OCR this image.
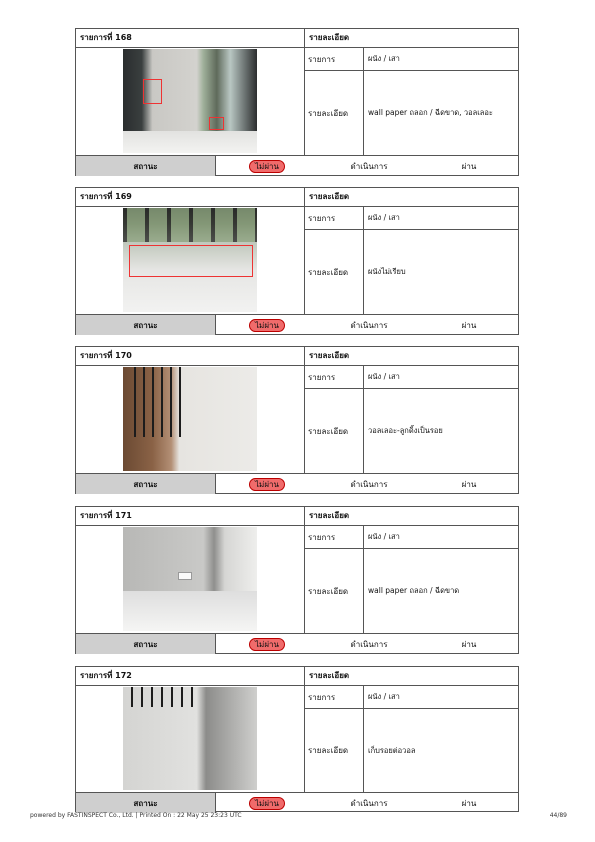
รายการที่ 168	รายละเอียด
รายการ	ผนัง / เสา
รายละเอียด	wall paper ถลอก / ฉีดขาด, วอลเลอะ
สถานะ	ไม่ผ่าน	ดำเนินการ	ผ่าน
รายการที่ 169	รายละเอียด
รายการ	ผนัง / เสา
รายละเอียด	ผนังไม่เรียบ
สถานะ	ไม่ผ่าน	ดำเนินการ	ผ่าน
รายการที่ 170	รายละเอียด
รายการ	ผนัง / เสา
รายละเอียด	วอลเลอะ-ลูกดิ้งเป็นรอย
สถานะ	ไม่ผ่าน	ดำเนินการ	ผ่าน
รายการที่ 171	รายละเอียด
รายการ	ผนัง / เสา
รายละเอียด	wall paper ถลอก / ฉีดขาด
สถานะ	ไม่ผ่าน	ดำเนินการ	ผ่าน
รายการที่ 172	รายละเอียด
รายการ	ผนัง / เสา
รายละเอียด	เก็บรอยต่อวอล
สถานะ	ไม่ผ่าน	ดำเนินการ	ผ่าน
powered by FASTINSPECT Co., Ltd. | Printed On : 22 May 25 23:23 UTC	44/89
